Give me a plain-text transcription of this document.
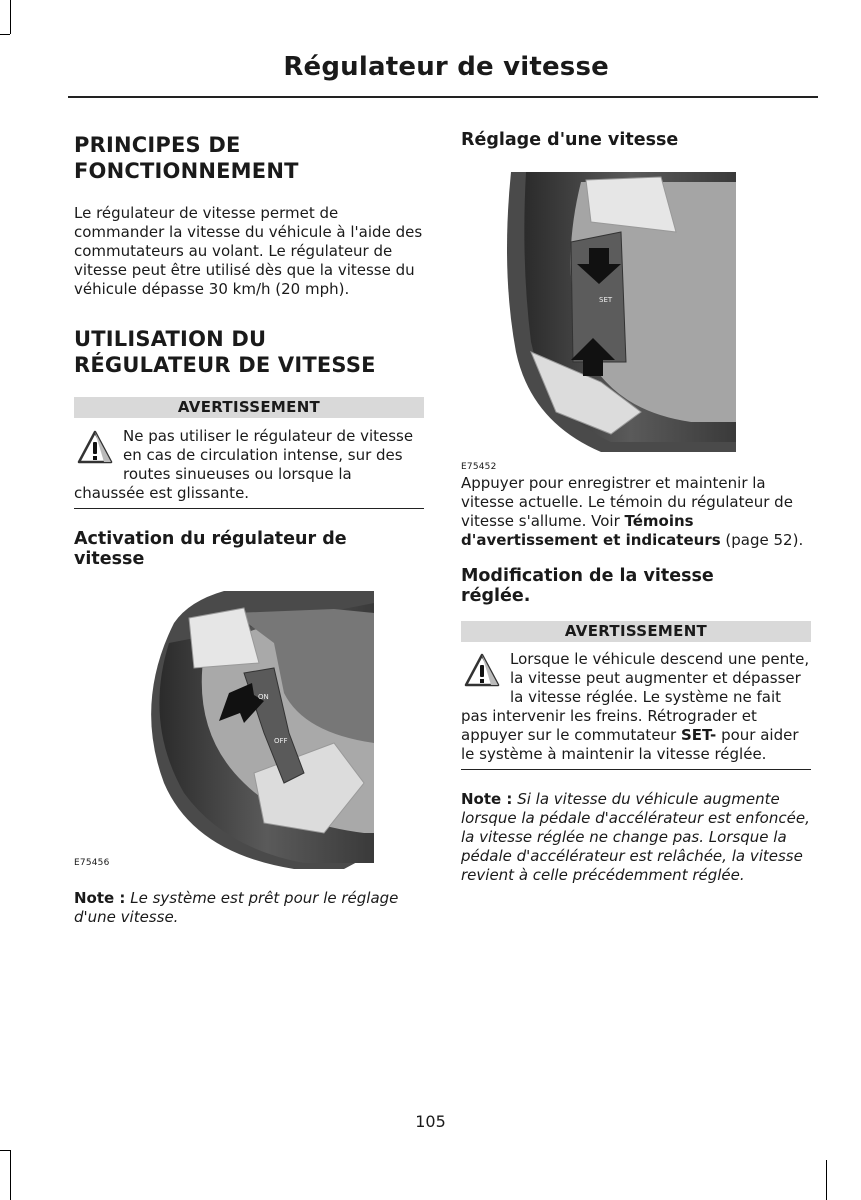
Régulateur de vitesse
PRINCIPES DE FONCTIONNEMENT

Le régulateur de vitesse permet de commander la vitesse du véhicule à l'aide des commutateurs au volant. Le régulateur de vitesse peut être utilisé dès que la vitesse du véhicule dépasse 30 km/h (20 mph).

UTILISATION DU RÉGULATEUR DE VITESSE
AVERTISSEMENT
Ne pas utiliser le régulateur de vitesse en cas de circulation intense, sur des routes sinueuses ou lorsque la chaussée est glissante.
Activation du régulateur de vitesse
ON
OFF
E75456
Note : Le système est prêt pour le réglage d'une vitesse.
Réglage d'une vitesse
SET
E75452

Appuyer pour enregistrer et maintenir la vitesse actuelle. Le témoin du régulateur de vitesse s'allume. Voir Témoins d'avertissement et indicateurs (page 52).

Modification de la vitesse réglée.
AVERTISSEMENT
Lorsque le véhicule descend une pente, la vitesse peut augmenter et dépasser la vitesse réglée. Le système ne fait pas intervenir les freins. Rétrograder et appuyer sur le commutateur SET- pour aider le système à maintenir la vitesse réglée.
Note : Si la vitesse du véhicule augmente lorsque la pédale d'accélérateur est enfoncée, la vitesse réglée ne change pas. Lorsque la pédale d'accélérateur est relâchée, la vitesse revient à celle précédemment réglée.
105
